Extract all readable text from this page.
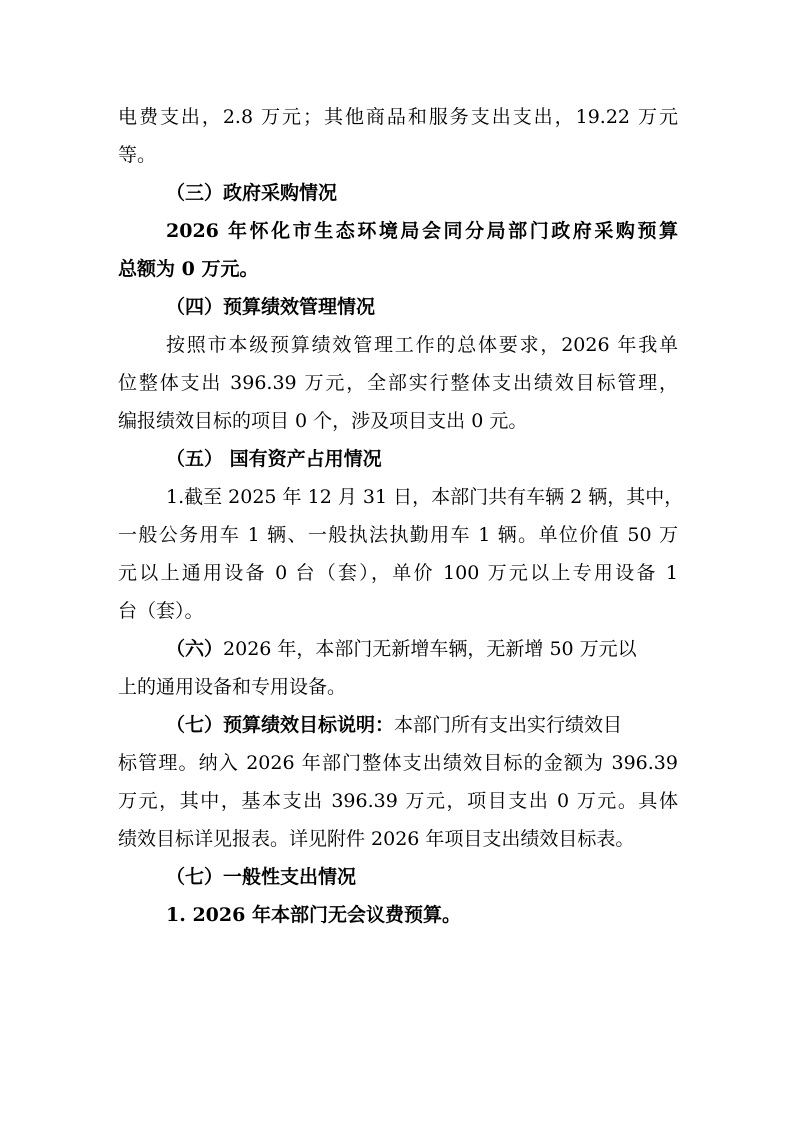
电费支出，2.8 万元；其他商品和服务支出支出，19.22 万元
等。
（三）政府采购情况
2026 年怀化市生态环境局会同分局部门政府采购预算
总额为 0 万元。
（四）预算绩效管理情况
按照市本级预算绩效管理工作的总体要求，2026 年我单
位整体支出 396.39 万元，全部实行整体支出绩效目标管理，
编报绩效目标的项目 0 个，涉及项目支出 0 元。
（五） 国有资产占用情况
1.截至 2025 年 12 月 31 日，本部门共有车辆 2 辆，其中，
一般公务用车 1 辆、一般执法执勤用车 1 辆。单位价值 50 万
元以上通用设备 0 台（套），单价 100 万元以上专用设备 1
台（套）。
（六）2026 年，本部门无新增车辆，无新增 50 万元以
上的通用设备和专用设备。
（七）预算绩效目标说明：本部门所有支出实行绩效目
标管理。纳入 2026 年部门整体支出绩效目标的金额为 396.39
万元，其中，基本支出 396.39 万元，项目支出 0 万元。具体
绩效目标详见报表。详见附件 2026 年项目支出绩效目标表。
（七）一般性支出情况
1. 2026 年本部门无会议费预算。
